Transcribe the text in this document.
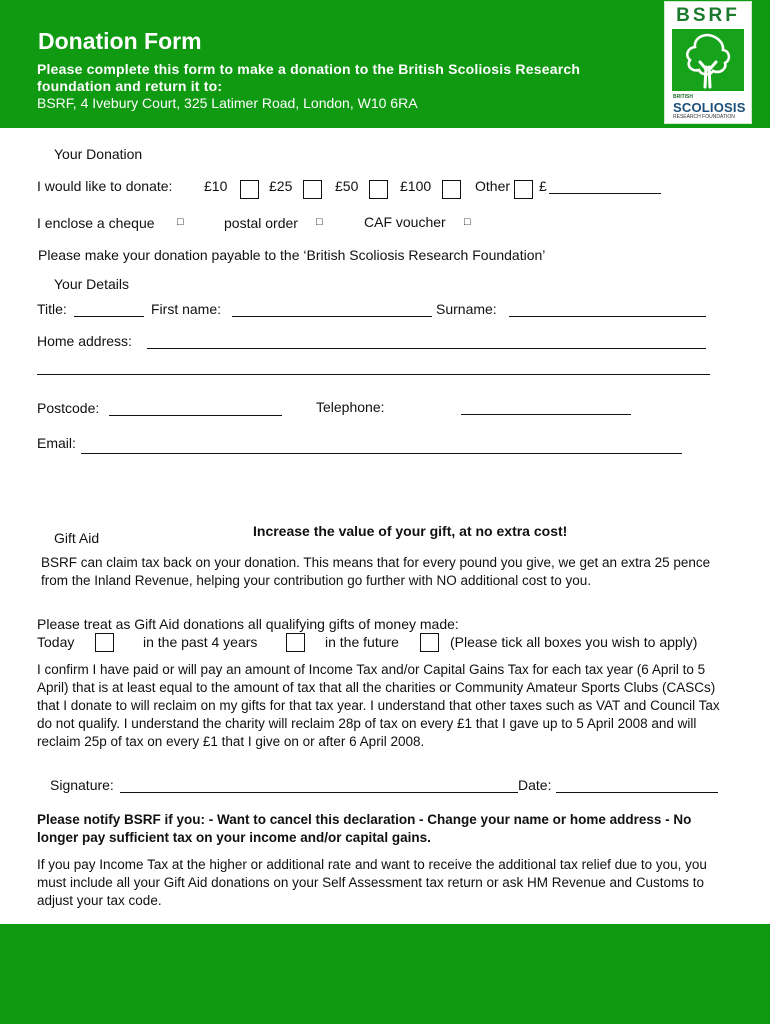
Donation Form
Please complete this form to make a donation to the British Scoliosis Research foundation and return it to:
BSRF, 4 Ivebury Court, 325 Latimer Road, London, W10 6RA
BSRF
BRITISH
SCOLIOSIS
RESEARCH FOUNDATION
Your Donation
I would like to donate: £10	£25	£50	£100	Other £
I enclose a cheque □	postal order □	CAF voucher □
Please make your donation payable to the ‘British Scoliosis Research Foundation’
Your Details
Title:	First name:	Surname:
Home address:
Postcode:	Telephone:
Email:
Gift Aid	Increase the value of your gift, at no extra cost!
BSRF can claim tax back on your donation. This means that for every pound you give, we get an extra 25 pence from the Inland Revenue, helping your contribution go further with NO additional cost to you.
Please treat as Gift Aid donations all qualifying gifts of money made:
Today	in the past 4 years	in the future	(Please tick all boxes you wish to apply)
I confirm I have paid or will pay an amount of Income Tax and/or Capital Gains Tax for each tax year (6 April to 5 April) that is at least equal to the amount of tax that all the charities or Community Amateur Sports Clubs (CASCs) that I donate to will reclaim on my gifts for that tax year. I understand that other taxes such as VAT and Council Tax do not qualify. I understand the charity will reclaim 28p of tax on every £1 that I gave up to 5 April 2008 and will reclaim 25p of tax on every £1 that I give on or after 6 April 2008.
Signature:	Date:
Please notify BSRF if you: - Want to cancel this declaration - Change your name or home address - No longer pay sufficient tax on your income and/or capital gains.
If you pay Income Tax at the higher or additional rate and want to receive the additional tax relief due to you, you must include all your Gift Aid donations on your Self Assessment tax return or ask HM Revenue and Customs to adjust your tax code.
